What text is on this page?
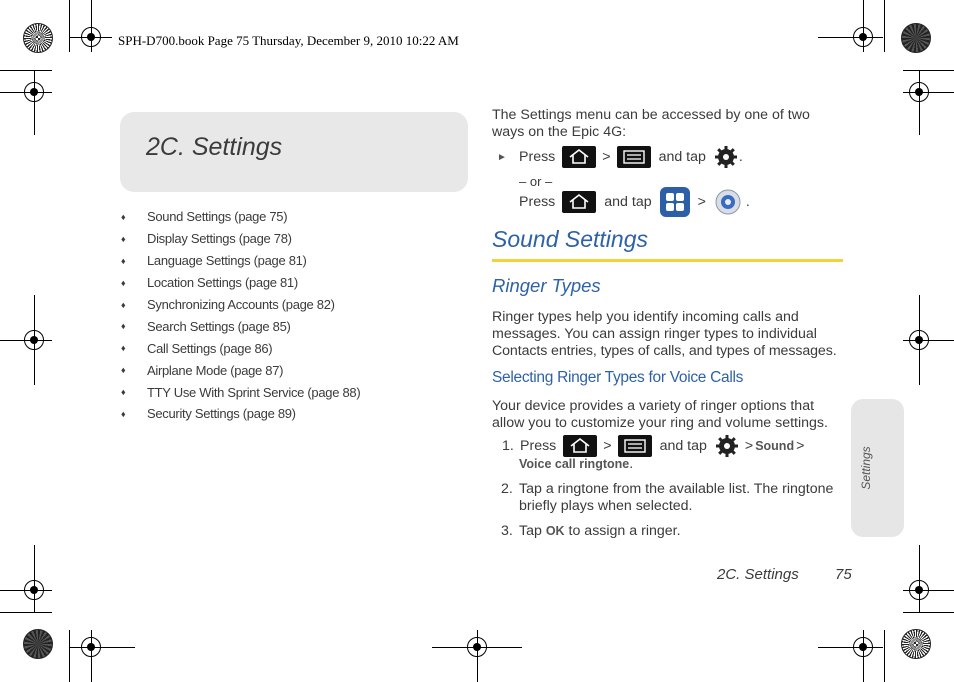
SPH-D700.book Page 75 Thursday, December 9, 2010 10:22 AM
2C. Settings
♦	Sound Settings (page 75)
♦	Display Settings (page 78)
♦	Language Settings (page 81)
♦	Location Settings (page 81)
♦	Synchronizing Accounts (page 82)
♦	Search Settings (page 85)
♦	Call Settings (page 86)
♦	Airplane Mode (page 87)
♦	TTY Use With Sprint Service (page 88)
♦	Security Settings (page 89)
The Settings menu can be accessed by one of two
ways on the Epic 4G:
► Press	>	and tap .
– or –
Press	and tap	>	.
Sound Settings
Ringer Types
Ringer types help you identify incoming calls and
messages. You can assign ringer types to individual
Contacts entries, types of calls, and types of messages.
Selecting Ringer Types for Voice Calls
Your device provides a variety of ringer options that
allow you to customize your ring and volume settings.
1. Press	>	and tap	> Sound >
Voice call ringtone.
2. Tap a ringtone from the available list. The ringtone
briefly plays when selected.
3. Tap OK to assign a ringer.
Settings
2C. Settings 75
